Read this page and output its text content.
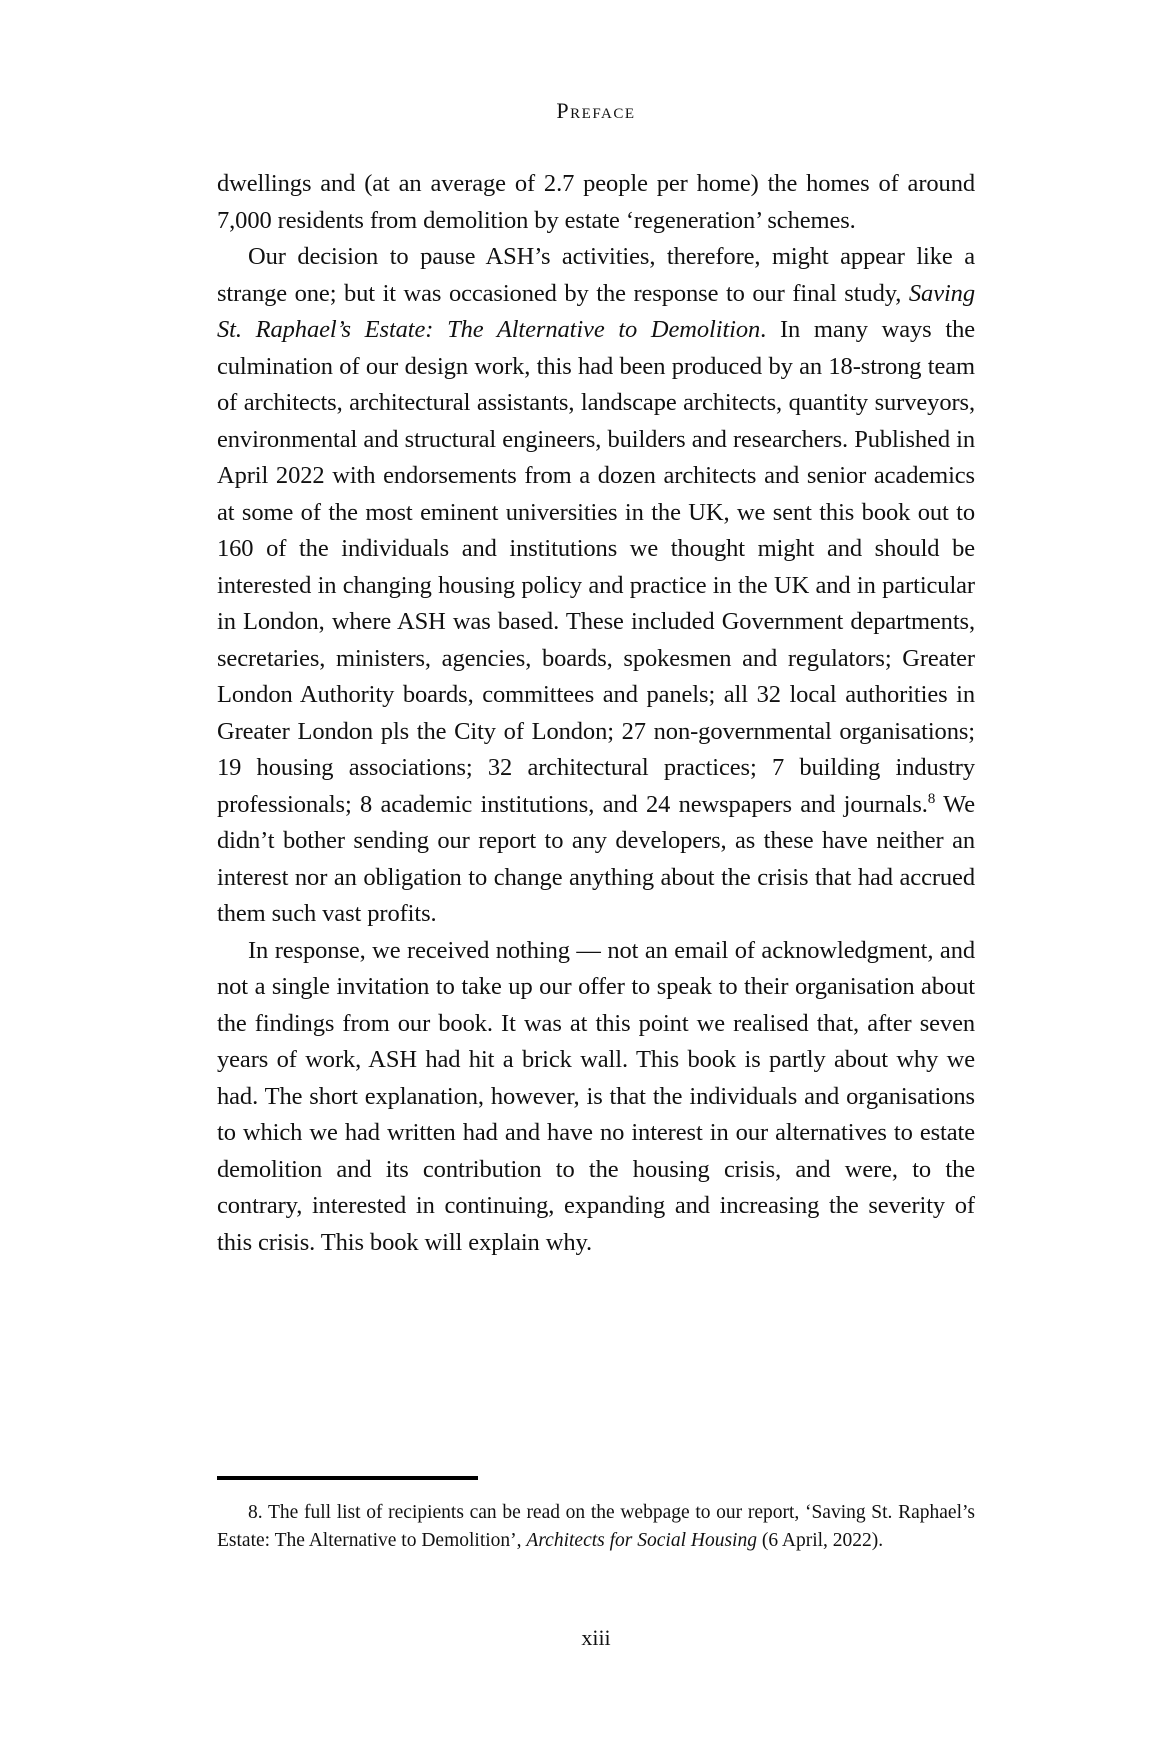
Preface

dwellings and (at an average of 2.7 people per home) the homes of around 7,000 residents from demolition by estate ‘regeneration’ schemes.

Our decision to pause ASH’s activities, therefore, might appear like a strange one; but it was occasioned by the response to our final study, Saving St. Raphael’s Estate: The Alternative to Demolition. In many ways the culmination of our design work, this had been produced by an 18-strong team of architects, architectural assistants, landscape architects, quantity surveyors, environmental and structural engineers, builders and researchers. Published in April 2022 with endorsements from a dozen architects and senior academics at some of the most eminent universities in the UK, we sent this book out to 160 of the individuals and institutions we thought might and should be interested in changing housing policy and practice in the UK and in particular in London, where ASH was based. These included Government departments, secretaries, ministers, agencies, boards, spokesmen and regulators; Greater London Authority boards, committees and panels; all 32 local authorities in Greater London pls the City of London; 27 non-governmental organisations; 19 housing associations; 32 architectural practices; 7 building industry professionals; 8 academic institutions, and 24 newspapers and journals.$^8$ We didn’t bother sending our report to any developers, as these have neither an interest nor an obligation to change anything about the crisis that had accrued them such vast profits.

In response, we received nothing — not an email of acknowledgment, and not a single invitation to take up our offer to speak to their organisation about the findings from our book. It was at this point we realised that, after seven years of work, ASH had hit a brick wall. This book is partly about why we had. The short explanation, however, is that the individuals and organisations to which we had written had and have no interest in our alternatives to estate demolition and its contribution to the housing crisis, and were, to the contrary, interested in continuing, expanding and increasing the severity of this crisis. This book will explain why.

8. The full list of recipients can be read on the webpage to our report, ‘Saving St. Raphael’s Estate: The Alternative to Demolition’, Architects for Social Housing (6 April, 2022).

xiii
